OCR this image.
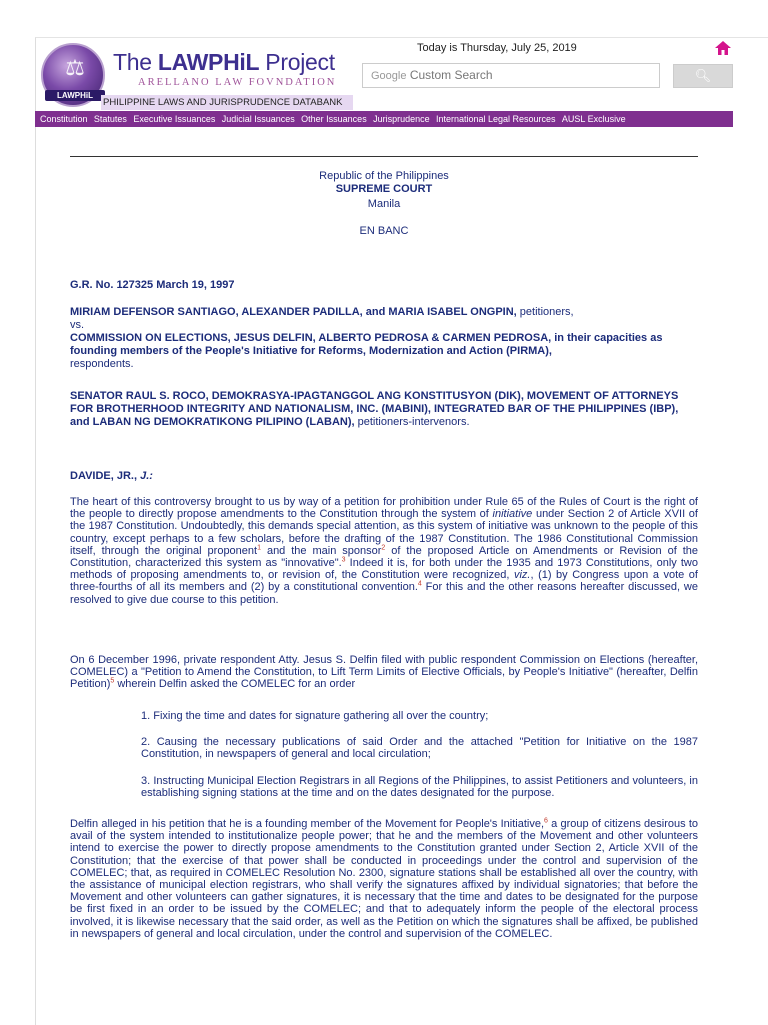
⚖
LAWPHiL
The LAWPHiL Project
ARELLANO LAW FOVNDATION
PHILIPPINE LAWS AND JURISPRUDENCE DATABANK
Today is Thursday, July 25, 2019
Google Custom Search	🔍︎
Constitution Statutes Executive Issuances Judicial Issuances Other Issuances Jurisprudence International Legal Resources AUSL Exclusive
Republic of the Philippines
SUPREME COURT
Manila
EN BANC
G.R. No. 127325 March 19, 1997
MIRIAM DEFENSOR SANTIAGO, ALEXANDER PADILLA, and MARIA ISABEL ONGPIN, petitioners,
vs.
COMMISSION ON ELECTIONS, JESUS DELFIN, ALBERTO PEDROSA & CARMEN PEDROSA, in their capacities as founding members of the People's Initiative for Reforms, Modernization and Action (PIRMA),
respondents.
SENATOR RAUL S. ROCO, DEMOKRASYA-IPAGTANGGOL ANG KONSTITUSYON (DIK), MOVEMENT OF ATTORNEYS FOR BROTHERHOOD INTEGRITY AND NATIONALISM, INC. (MABINI), INTEGRATED BAR OF THE PHILIPPINES (IBP), and LABAN NG DEMOKRATIKONG PILIPINO (LABAN), petitioners-intervenors.
DAVIDE, JR., J.:
The heart of this controversy brought to us by way of a petition for prohibition under Rule 65 of the Rules of Court is the right of the people to directly propose amendments to the Constitution through the system of initiative under Section 2 of Article XVII of the 1987 Constitution. Undoubtedly, this demands special attention, as this system of initiative was unknown to the people of this country, except perhaps to a few scholars, before the drafting of the 1987 Constitution. The 1986 Constitutional Commission itself, through the original proponent$^1$ and the main sponsor$^2$ of the proposed Article on Amendments or Revision of the Constitution, characterized this system as "innovative".$^3$ Indeed it is, for both under the 1935 and 1973 Constitutions, only two methods of proposing amendments to, or revision of, the Constitution were recognized, viz., (1) by Congress upon a vote of three-fourths of all its members and (2) by a constitutional convention.$^4$ For this and the other reasons hereafter discussed, we resolved to give due course to this petition.
On 6 December 1996, private respondent Atty. Jesus S. Delfin filed with public respondent Commission on Elections (hereafter, COMELEC) a "Petition to Amend the Constitution, to Lift Term Limits of Elective Officials, by People's Initiative" (hereafter, Delfin Petition)$^5$ wherein Delfin asked the COMELEC for an order
1. Fixing the time and dates for signature gathering all over the country;
2. Causing the necessary publications of said Order and the attached "Petition for Initiative on the 1987 Constitution, in newspapers of general and local circulation;
3. Instructing Municipal Election Registrars in all Regions of the Philippines, to assist Petitioners and volunteers, in establishing signing stations at the time and on the dates designated for the purpose.
Delfin alleged in his petition that he is a founding member of the Movement for People's Initiative,$^6$ a group of citizens desirous to avail of the system intended to institutionalize people power; that he and the members of the Movement and other volunteers intend to exercise the power to directly propose amendments to the Constitution granted under Section 2, Article XVII of the Constitution; that the exercise of that power shall be conducted in proceedings under the control and supervision of the COMELEC; that, as required in COMELEC Resolution No. 2300, signature stations shall be established all over the country, with the assistance of municipal election registrars, who shall verify the signatures affixed by individual signatories; that before the Movement and other volunteers can gather signatures, it is necessary that the time and dates to be designated for the purpose be first fixed in an order to be issued by the COMELEC; and that to adequately inform the people of the electoral process involved, it is likewise necessary that the said order, as well as the Petition on which the signatures shall be affixed, be published in newspapers of general and local circulation, under the control and supervision of the COMELEC.
